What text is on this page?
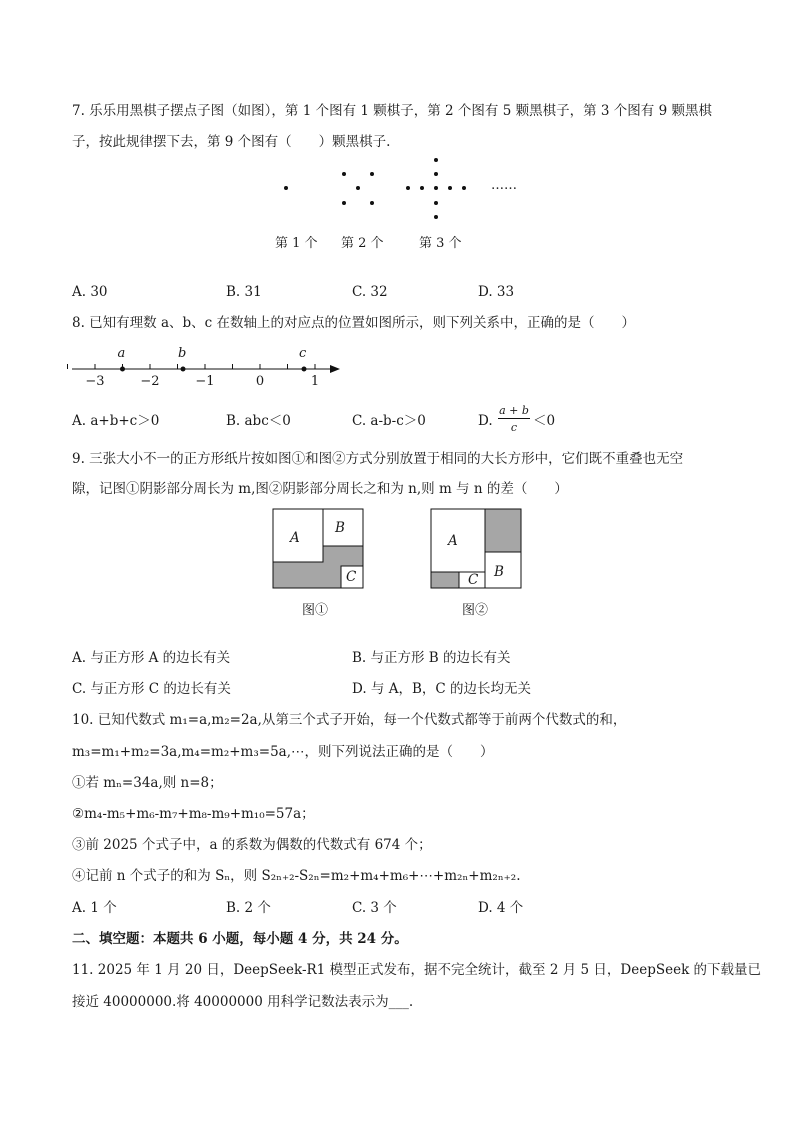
7. 乐乐用黑棋子摆点子图（如图），第 1 个图有 1 颗棋子，第 2 个图有 5 颗黑棋子，第 3 个图有 9 颗黑棋
子，按此规律摆下去，第 9 个图有（　　）颗黑棋子.
……
第 1 个 第 2 个	第 3 个
A. 30	B. 31	C. 32	D. 33
8. 已知有理数 a、b、c 在数轴上的对应点的位置如图所示，则下列关系中，正确的是（　　）
−3	−2	−1	0	1
a	b	c
A. a+b+c＞0	B. abc＜0	C. a-b-c＞0	D.
a + b
c	＜0
9. 三张大小不一的正方形纸片按如图①和图②方式分别放置于相同的大长方形中，它们既不重叠也无空
隙，记图①阴影部分周长为 m,图②阴影部分周长之和为 n,则 m 与 n 的差（　　）
A
B
C
图①
A
B
C
图②
A. 与正方形 A 的边长有关	B. 与正方形 B 的边长有关
C. 与正方形 C 的边长有关	D. 与 A，B，C 的边长均无关
10. 已知代数式 m₁=a,m₂=2a,从第三个式子开始，每一个代数式都等于前两个代数式的和，
m₃=m₁+m₂=3a,m₄=m₂+m₃=5a,⋯，则下列说法正确的是（　　）
①若 mₙ=34a,则 n=8；
②m₄-m₅+m₆-m₇+m₈-m₉+m₁₀=57a；
③前 2025 个式子中，a 的系数为偶数的代数式有 674 个；
④记前 n 个式子的和为 Sₙ，则 S₂ₙ₊₂-S₂ₙ=m₂+m₄+m₆+⋯+m₂ₙ+m₂ₙ₊₂.
A. 1 个	B. 2 个	C. 3 个	D. 4 个
二、填空题：本题共 6 小题，每小题 4 分，共 24 分。
11. 2025 年 1 月 20 日，DeepSeek-R1 模型正式发布，据不完全统计，截至 2 月 5 日，DeepSeek 的下载量已
接近 40000000.将 40000000 用科学记数法表示为___.
